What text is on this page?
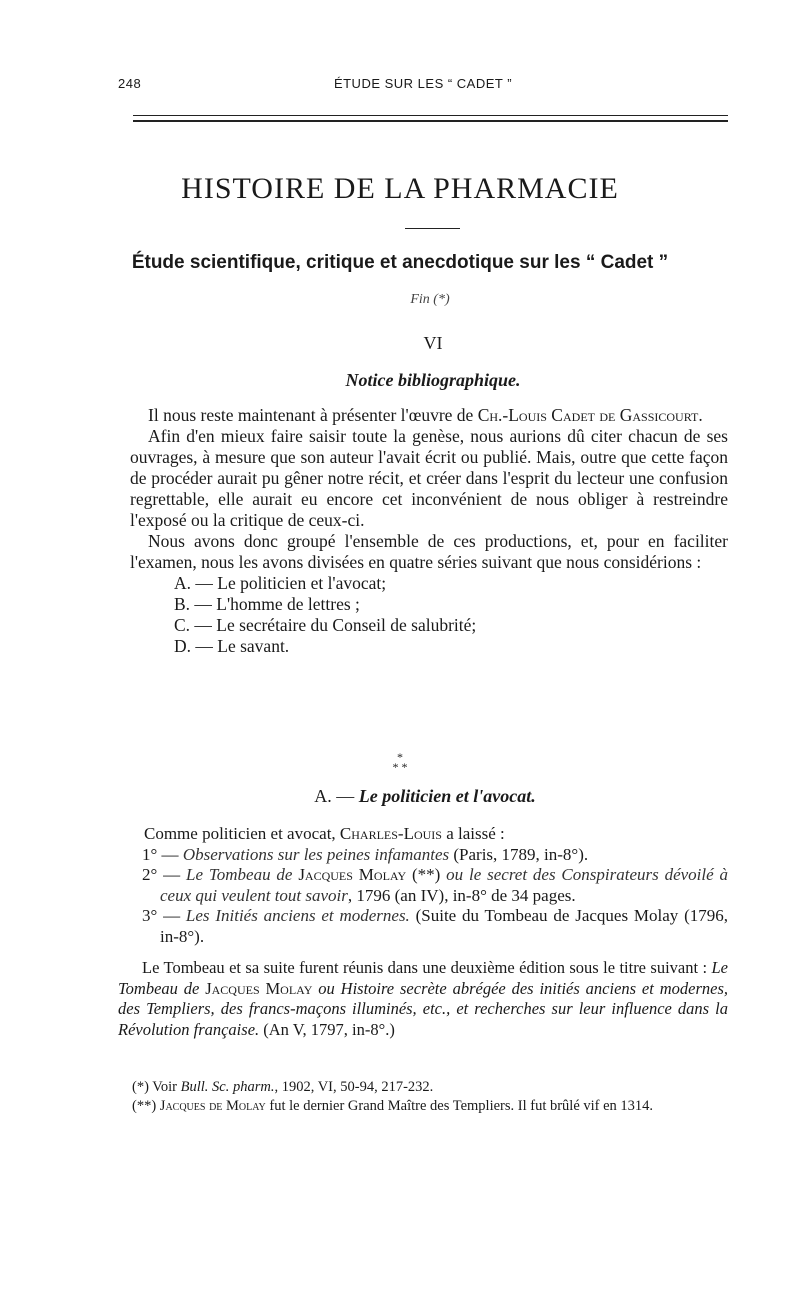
248	ÉTUDE SUR LES “ CADET ”
HISTOIRE DE LA PHARMACIE
Étude scientifique, critique et anecdotique sur les “ Cadet ”
Fin (*)
VI
Notice bibliographique.

Il nous reste maintenant à présenter l'œuvre de Ch.-Louis Cadet de Gassicourt.

Afin d'en mieux faire saisir toute la genèse, nous aurions dû citer chacun de ses ouvrages, à mesure que son auteur l'avait écrit ou publié. Mais, outre que cette façon de procéder aurait pu gêner notre récit, et créer dans l'esprit du lecteur une confusion regrettable, elle aurait eu encore cet inconvénient de nous obliger à restreindre l'exposé ou la critique de ceux-ci.

Nous avons donc groupé l'ensemble de ces productions, et, pour en faciliter l'examen, nous les avons divisées en quatre séries suivant que nous considérions :

A. — Le politicien et l'avocat;

B. — L'homme de lettres ;

C. — Le secrétaire du Conseil de salubrité;

D. — Le savant.

*
* *
A. — Le politicien et l'avocat.

Comme politicien et avocat, Charles-Louis a laissé :

1° — Observations sur les peines infamantes (Paris, 1789, in-8°).

2° — Le Tombeau de Jacques Molay (**) ou le secret des Conspirateurs dévoilé à ceux qui veulent tout savoir, 1796 (an IV), in-8° de 34 pages.

3° — Les Initiés anciens et modernes. (Suite du Tombeau de Jacques Molay (1796, in-8°).

Le Tombeau et sa suite furent réunis dans une deuxième édition sous le titre suivant : Le Tombeau de Jacques Molay ou Histoire secrète abrégée des initiés anciens et modernes, des Templiers, des francs-maçons illuminés, etc., et recherches sur leur influence dans la Révolution française. (An V, 1797, in-8°.)

(*) Voir Bull. Sc. pharm., 1902, VI, 50-94, 217-232.

(**) Jacques de Molay fut le dernier Grand Maître des Templiers. Il fut brûlé vif en 1314.
